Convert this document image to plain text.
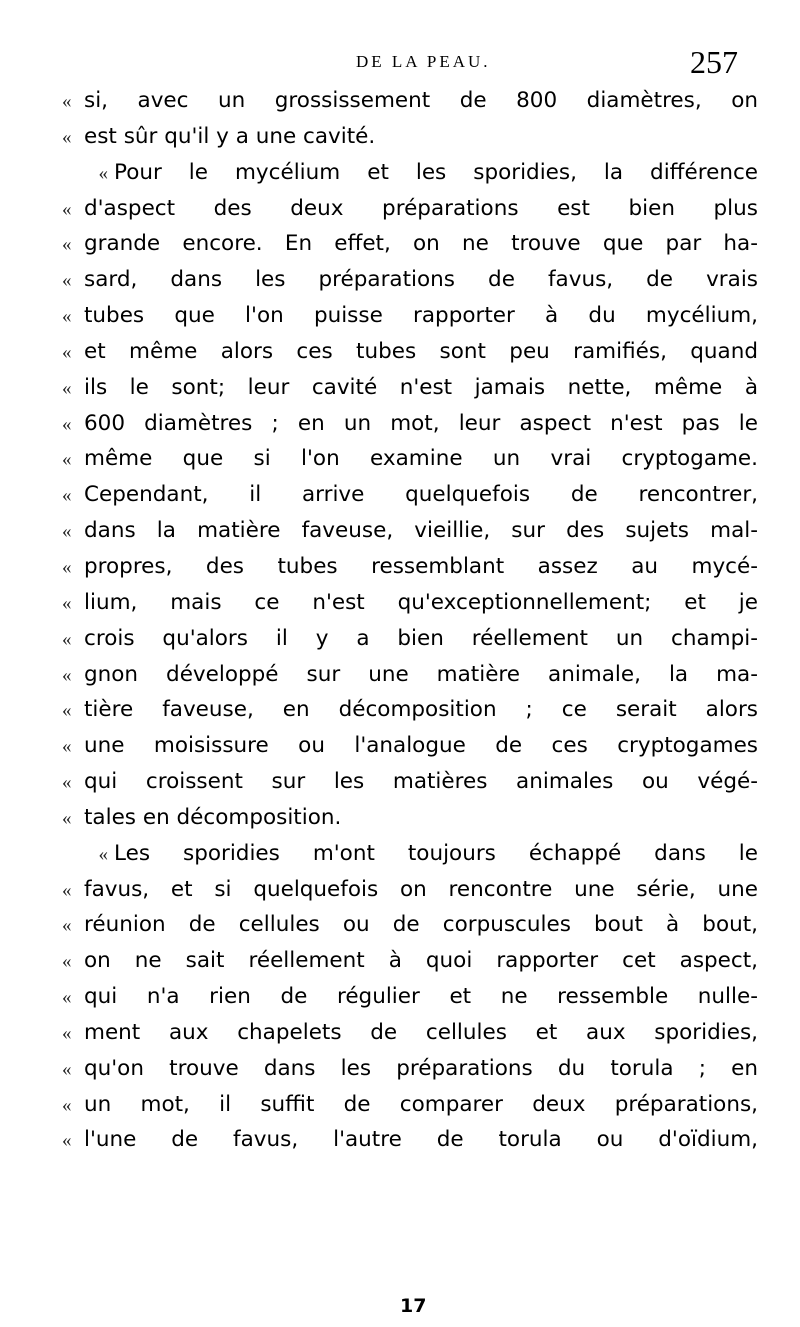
DE LA PEAU.	257
« si, avec un grossissement de 800 diamètres, on
« est sûr qu'il y a une cavité.
« Pour le mycélium et les sporidies, la différence
« d'aspect des deux préparations est bien plus
« grande encore. En effet, on ne trouve que par ha-
« sard, dans les préparations de favus, de vrais
« tubes que l'on puisse rapporter à du mycélium,
« et même alors ces tubes sont peu ramifiés, quand
« ils le sont; leur cavité n'est jamais nette, même à
« 600 diamètres ; en un mot, leur aspect n'est pas le
« même que si l'on examine un vrai cryptogame.
« Cependant, il arrive quelquefois de rencontrer,
« dans la matière faveuse, vieillie, sur des sujets mal-
« propres, des tubes ressemblant assez au mycé-
« lium, mais ce n'est qu'exceptionnellement; et je
« crois qu'alors il y a bien réellement un champi-
« gnon développé sur une matière animale, la ma-
« tière faveuse, en décomposition ; ce serait alors
« une moisissure ou l'analogue de ces cryptogames
« qui croissent sur les matières animales ou végé-
« tales en décomposition.
« Les sporidies m'ont toujours échappé dans le
« favus, et si quelquefois on rencontre une série, une
« réunion de cellules ou de corpuscules bout à bout,
« on ne sait réellement à quoi rapporter cet aspect,
« qui n'a rien de régulier et ne ressemble nulle-
« ment aux chapelets de cellules et aux sporidies,
« qu'on trouve dans les préparations du torula ; en
« un mot, il suffit de comparer deux préparations,
« l'une de favus, l'autre de torula ou d'oïdium,
17
